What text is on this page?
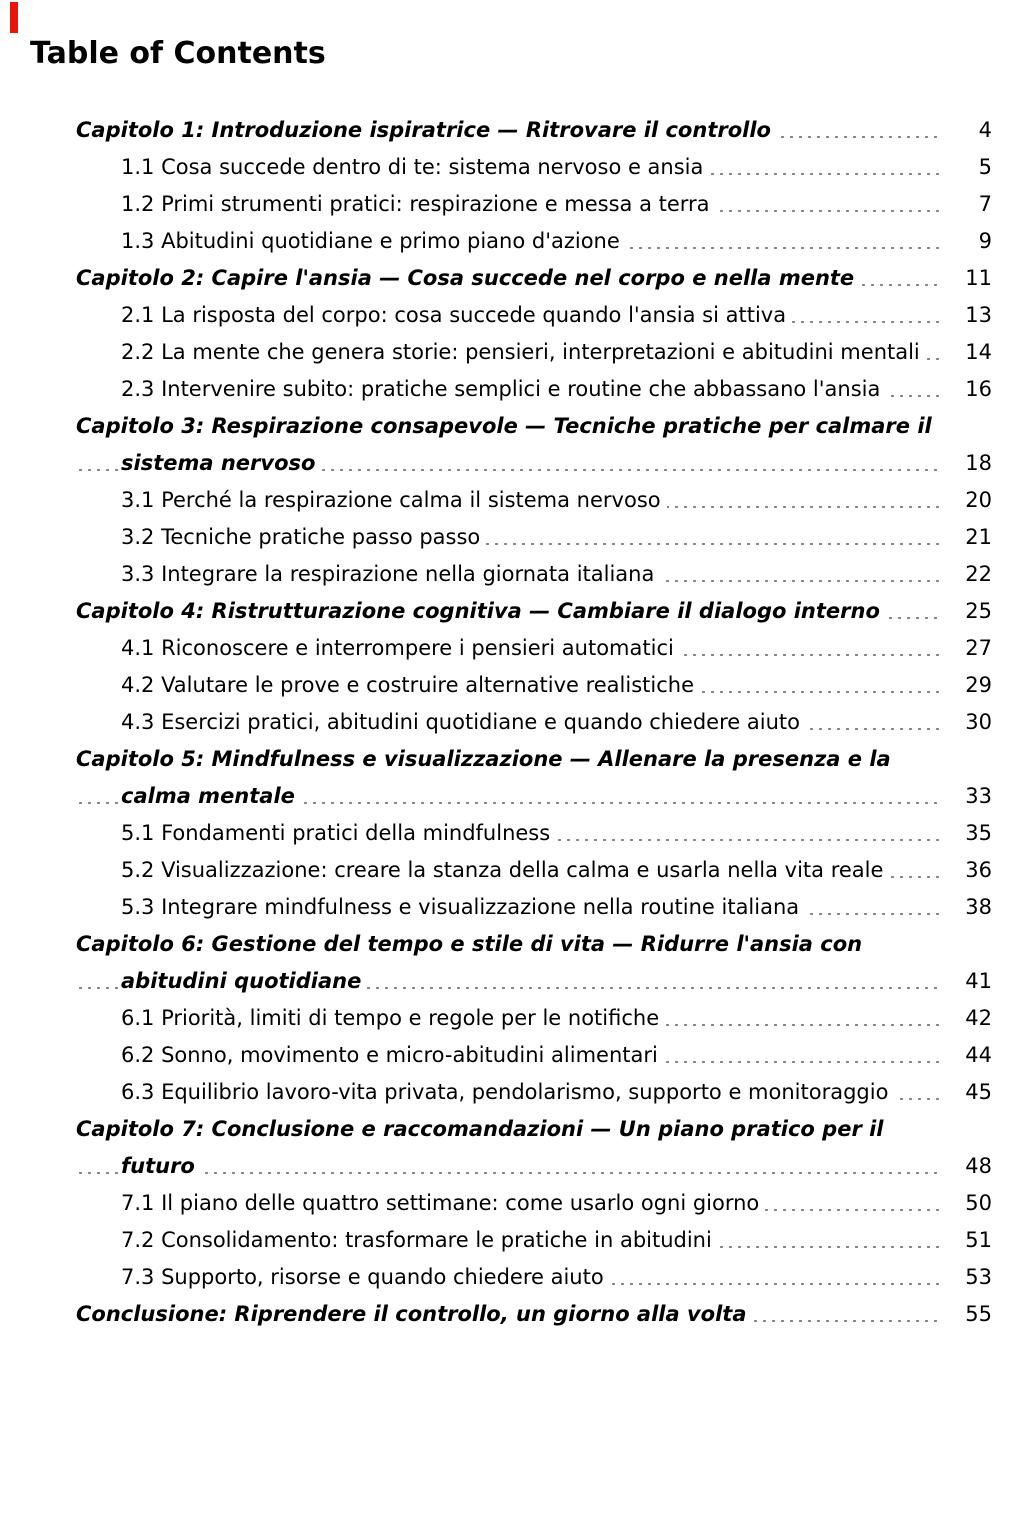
Table of Contents
Capitolo 1: Introduzione ispiratrice — Ritrovare il controllo	4
1.1 Cosa succede dentro di te: sistema nervoso e ansia	5
1.2 Primi strumenti pratici: respirazione e messa a terra	7
1.3 Abitudini quotidiane e primo piano d'azione	9
Capitolo 2: Capire l'ansia — Cosa succede nel corpo e nella mente	11
2.1 La risposta del corpo: cosa succede quando l'ansia si attiva	13
2.2 La mente che genera storie: pensieri, interpretazioni e abitudini mentali	14
2.3 Intervenire subito: pratiche semplici e routine che abbassano l'ansia	16
Capitolo 3: Respirazione consapevole — Tecniche pratiche per calmare il sistema nervoso	18
3.1 Perché la respirazione calma il sistema nervoso	20
3.2 Tecniche pratiche passo passo	21
3.3 Integrare la respirazione nella giornata italiana	22
Capitolo 4: Ristrutturazione cognitiva — Cambiare il dialogo interno	25
4.1 Riconoscere e interrompere i pensieri automatici	27
4.2 Valutare le prove e costruire alternative realistiche	29
4.3 Esercizi pratici, abitudini quotidiane e quando chiedere aiuto	30
Capitolo 5: Mindfulness e visualizzazione — Allenare la presenza e la calma mentale	33
5.1 Fondamenti pratici della mindfulness	35
5.2 Visualizzazione: creare la stanza della calma e usarla nella vita reale	36
5.3 Integrare mindfulness e visualizzazione nella routine italiana	38
Capitolo 6: Gestione del tempo e stile di vita — Ridurre l'ansia con abitudini quotidiane	41
6.1 Priorità, limiti di tempo e regole per le notifiche	42
6.2 Sonno, movimento e micro-abitudini alimentari	44
6.3 Equilibrio lavoro-vita privata, pendolarismo, supporto e monitoraggio	45
Capitolo 7: Conclusione e raccomandazioni — Un piano pratico per il futuro	48
7.1 Il piano delle quattro settimane: come usarlo ogni giorno	50
7.2 Consolidamento: trasformare le pratiche in abitudini	51
7.3 Supporto, risorse e quando chiedere aiuto	53
Conclusione: Riprendere il controllo, un giorno alla volta	55
